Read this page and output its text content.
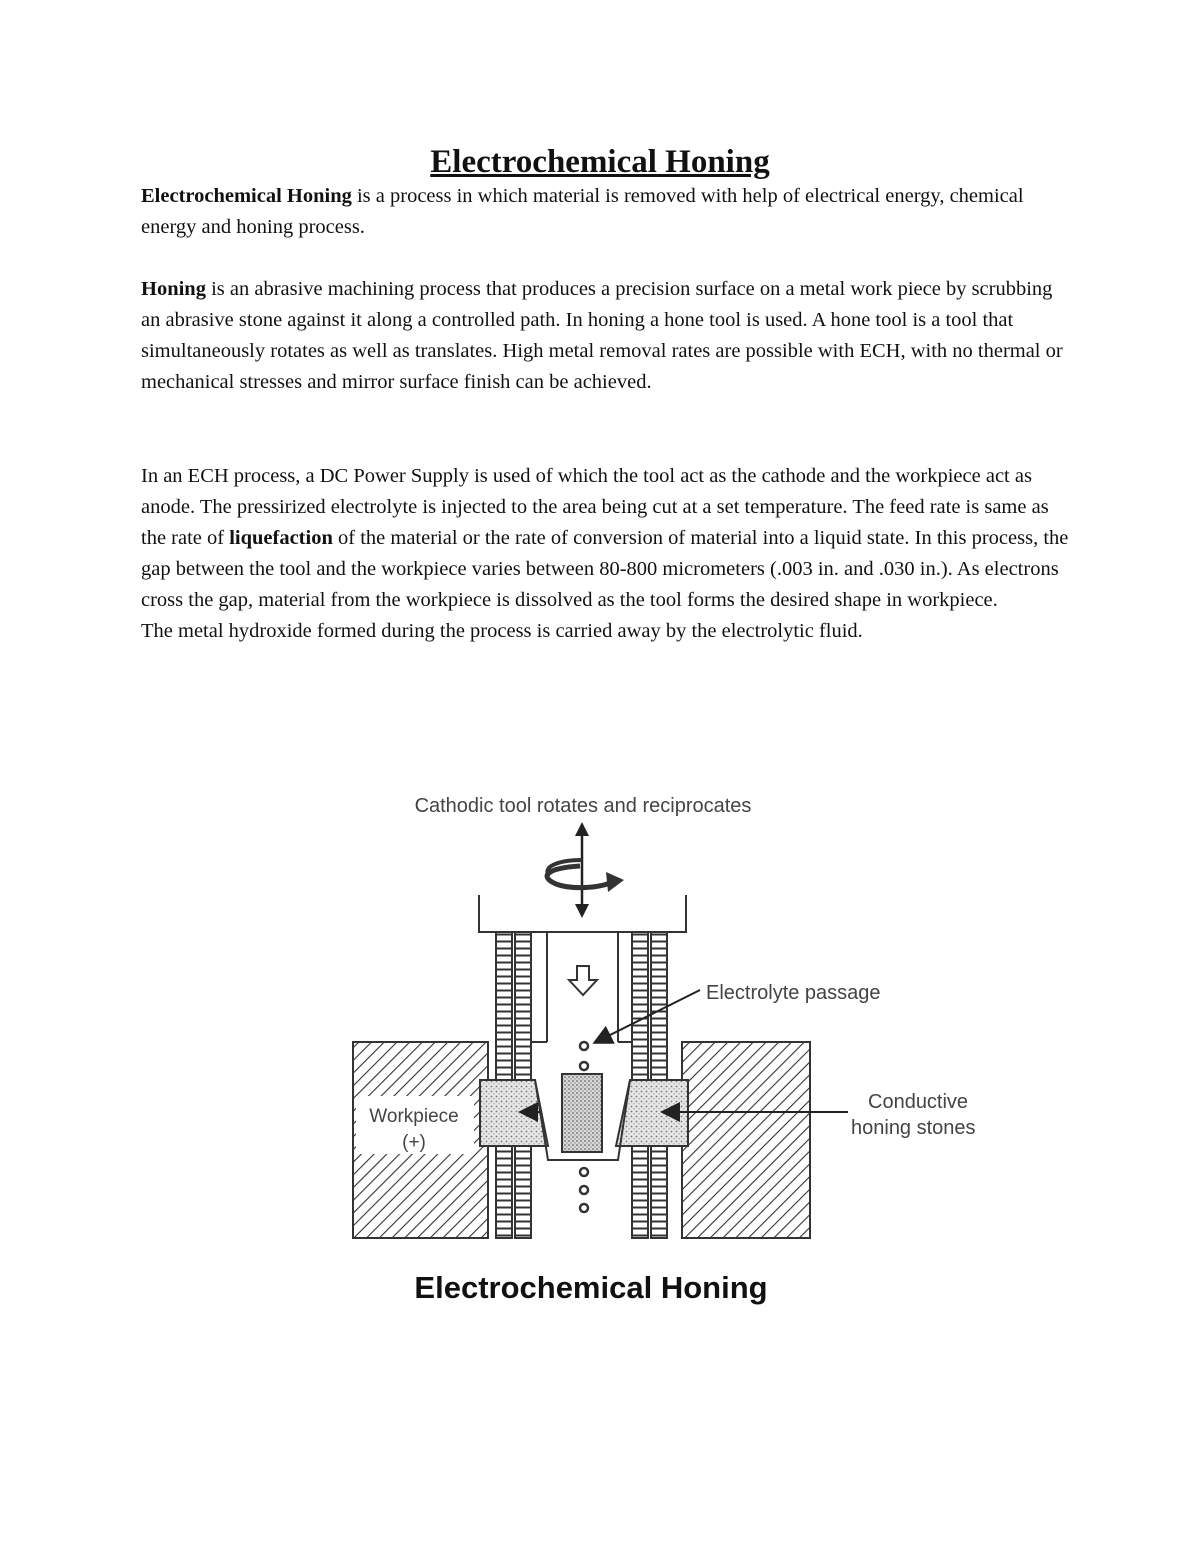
Electrochemical Honing
Electrochemical Honing is a process in which material is removed with help of electrical energy, chemical energy and honing process.
Honing is an abrasive machining process that produces a precision surface on a metal work piece by scrubbing an abrasive stone against it along a controlled path. In honing a hone tool is used. A hone tool is a tool that simultaneously rotates as well as translates. High metal removal rates are possible with ECH, with no thermal or mechanical stresses and mirror surface finish can be achieved.
In an ECH process, a DC Power Supply is used of which the tool act as the cathode and the workpiece act as anode. The pressirized electrolyte is injected to the area being cut at a set temperature. The feed rate is same as the rate of liquefaction of the material or the rate of conversion of material into a liquid state. In this process, the gap between the tool and the workpiece varies between 80-800 micrometers (.003 in. and .030 in.). As electrons cross the gap, material from the workpiece is dissolved as the tool forms the desired shape in workpiece.
The metal hydroxide formed during the process is carried away by the electrolytic fluid.
Cathodic tool rotates and reciprocates
Workpiece
(+)
Electrolyte passage
Conductive
honing stones
Electrochemical Honing
